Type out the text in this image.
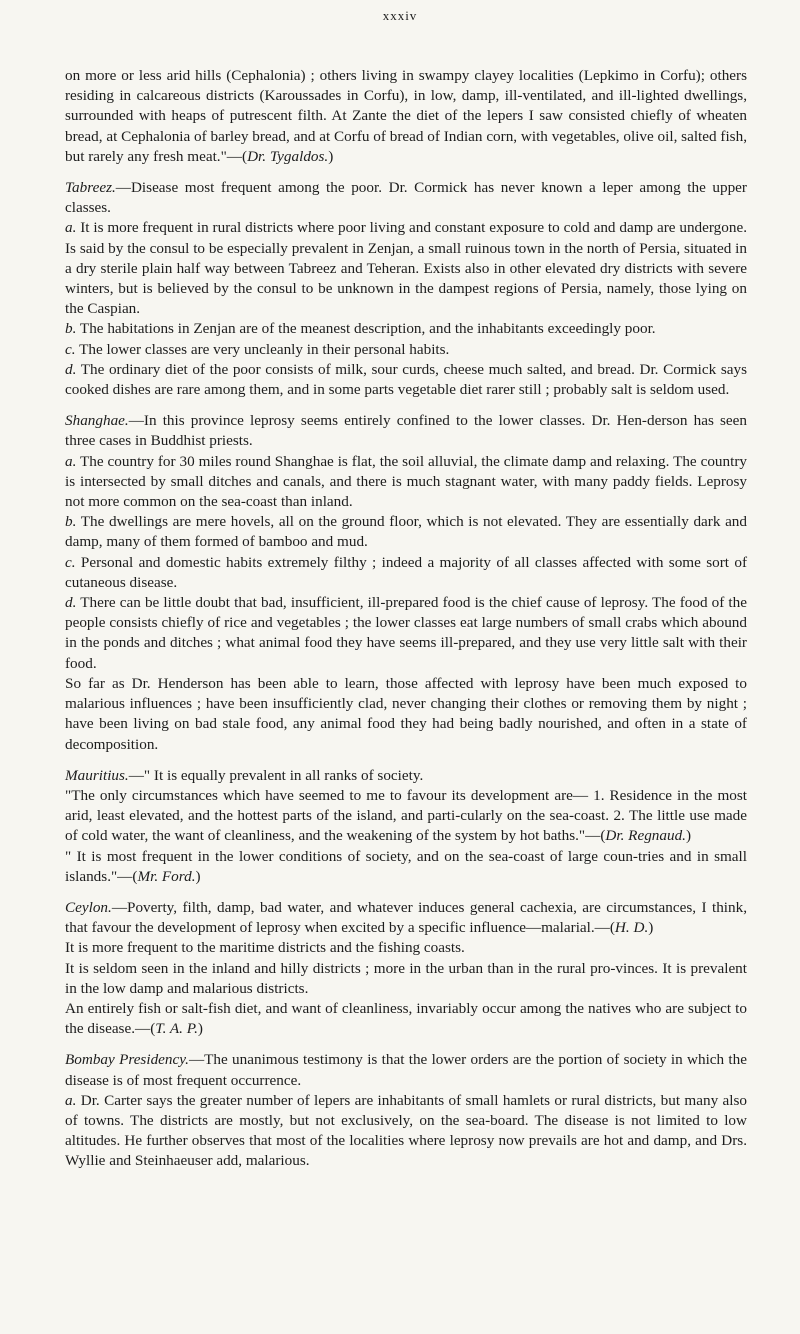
xxxiv

on more or less arid hills (Cephalonia) ; others living in swampy clayey localities (Lepkimo in Corfu); others residing in calcareous districts (Karoussades in Corfu), in low, damp, ill-ventilated, and ill-lighted dwellings, surrounded with heaps of putrescent filth. At Zante the diet of the lepers I saw consisted chiefly of wheaten bread, at Cephalonia of barley bread, and at Corfu of bread of Indian corn, with vegetables, olive oil, salted fish, but rarely any fresh meat."—(Dr. Tygaldos.)

Tabreez.—Disease most frequent among the poor. Dr. Cormick has never known a leper among the upper classes.

a. It is more frequent in rural districts where poor living and constant exposure to cold and damp are undergone. Is said by the consul to be especially prevalent in Zenjan, a small ruinous town in the north of Persia, situated in a dry sterile plain half way between Tabreez and Teheran. Exists also in other elevated dry districts with severe winters, but is believed by the consul to be unknown in the dampest regions of Persia, namely, those lying on the Caspian.

b. The habitations in Zenjan are of the meanest description, and the inhabitants exceedingly poor.

c. The lower classes are very uncleanly in their personal habits.

d. The ordinary diet of the poor consists of milk, sour curds, cheese much salted, and bread. Dr. Cormick says cooked dishes are rare among them, and in some parts vegetable diet rarer still ; probably salt is seldom used.

Shanghae.—In this province leprosy seems entirely confined to the lower classes. Dr. Hen-derson has seen three cases in Buddhist priests.

a. The country for 30 miles round Shanghae is flat, the soil alluvial, the climate damp and relaxing. The country is intersected by small ditches and canals, and there is much stagnant water, with many paddy fields. Leprosy not more common on the sea-coast than inland.

b. The dwellings are mere hovels, all on the ground floor, which is not elevated. They are essentially dark and damp, many of them formed of bamboo and mud.

c. Personal and domestic habits extremely filthy ; indeed a majority of all classes affected with some sort of cutaneous disease.

d. There can be little doubt that bad, insufficient, ill-prepared food is the chief cause of leprosy. The food of the people consists chiefly of rice and vegetables ; the lower classes eat large numbers of small crabs which abound in the ponds and ditches ; what animal food they have seems ill-prepared, and they use very little salt with their food.

So far as Dr. Henderson has been able to learn, those affected with leprosy have been much exposed to malarious influences ; have been insufficiently clad, never changing their clothes or removing them by night ; have been living on bad stale food, any animal food they had being badly nourished, and often in a state of decomposition.

Mauritius.—" It is equally prevalent in all ranks of society.

"The only circumstances which have seemed to me to favour its development are— 1. Residence in the most arid, least elevated, and the hottest parts of the island, and parti-cularly on the sea-coast. 2. The little use made of cold water, the want of cleanliness, and the weakening of the system by hot baths."—(Dr. Regnaud.)

" It is most frequent in the lower conditions of society, and on the sea-coast of large coun-tries and in small islands."—(Mr. Ford.)

Ceylon.—Poverty, filth, damp, bad water, and whatever induces general cachexia, are circumstances, I think, that favour the development of leprosy when excited by a specific influence—malarial.—(H. D.)

It is more frequent to the maritime districts and the fishing coasts.

It is seldom seen in the inland and hilly districts ; more in the urban than in the rural pro-vinces. It is prevalent in the low damp and malarious districts.

An entirely fish or salt-fish diet, and want of cleanliness, invariably occur among the natives who are subject to the disease.—(T. A. P.)

Bombay Presidency.—The unanimous testimony is that the lower orders are the portion of society in which the disease is of most frequent occurrence.

a. Dr. Carter says the greater number of lepers are inhabitants of small hamlets or rural districts, but many also of towns. The districts are mostly, but not exclusively, on the sea-board. The disease is not limited to low altitudes. He further observes that most of the localities where leprosy now prevails are hot and damp, and Drs. Wyllie and Steinhaeuser add, malarious.
